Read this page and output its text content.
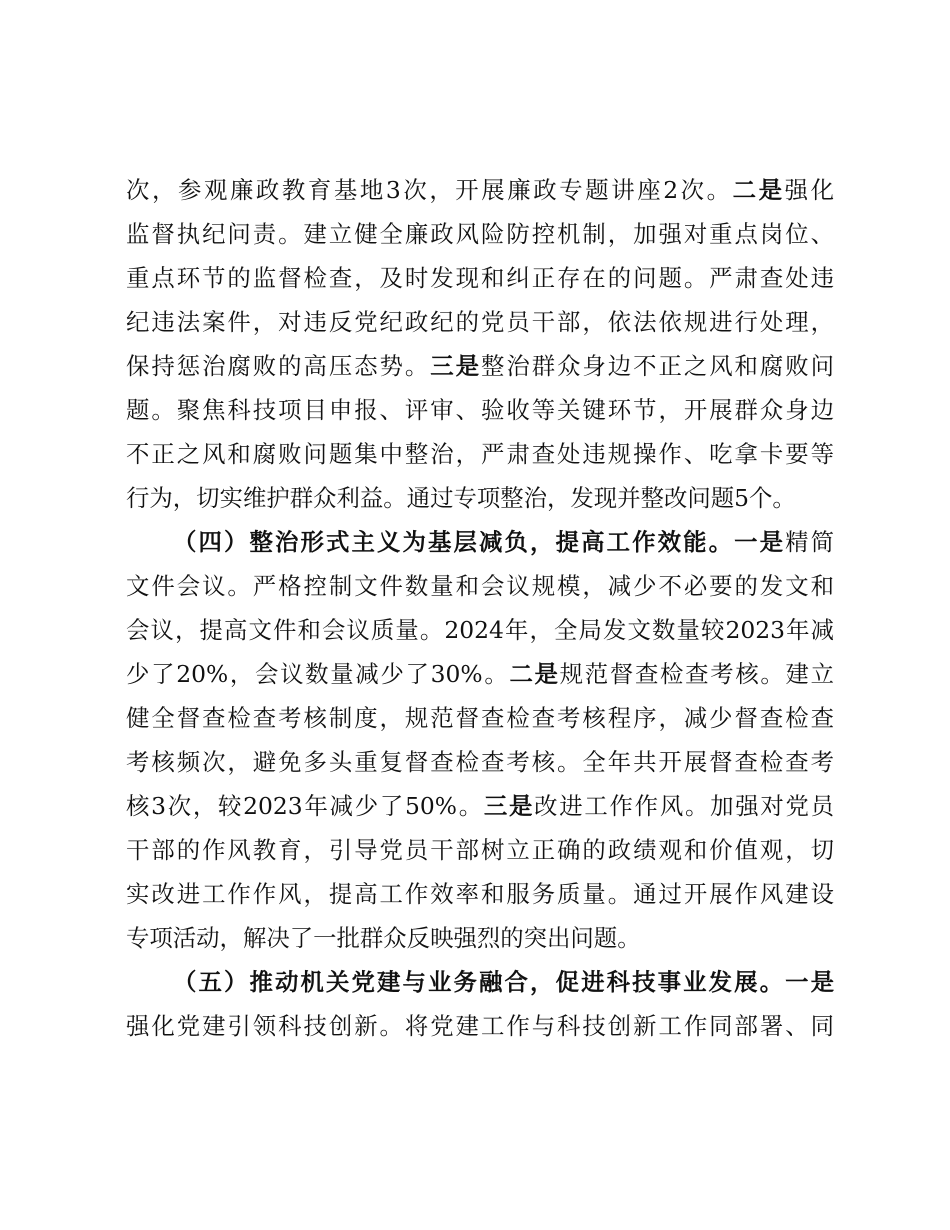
次，参观廉政教育基地3次，开展廉政专题讲座2次。二是强化
监督执纪问责。建立健全廉政风险防控机制，加强对重点岗位、
重点环节的监督检查，及时发现和纠正存在的问题。严肃查处违
纪违法案件，对违反党纪政纪的党员干部，依法依规进行处理，
保持惩治腐败的高压态势。三是整治群众身边不正之风和腐败问
题。聚焦科技项目申报、评审、验收等关键环节，开展群众身边
不正之风和腐败问题集中整治，严肃查处违规操作、吃拿卡要等
行为，切实维护群众利益。通过专项整治，发现并整改问题5个。
（四）整治形式主义为基层减负，提高工作效能。一是精简
文件会议。严格控制文件数量和会议规模，减少不必要的发文和
会议，提高文件和会议质量。2024年，全局发文数量较2023年减
少了20%，会议数量减少了30%。二是规范督查检查考核。建立
健全督查检查考核制度，规范督查检查考核程序，减少督查检查
考核频次，避免多头重复督查检查考核。全年共开展督查检查考
核3次，较2023年减少了50%。三是改进工作作风。加强对党员
干部的作风教育，引导党员干部树立正确的政绩观和价值观，切
实改进工作作风，提高工作效率和服务质量。通过开展作风建设
专项活动，解决了一批群众反映强烈的突出问题。
（五）推动机关党建与业务融合，促进科技事业发展。一是
强化党建引领科技创新。将党建工作与科技创新工作同部署、同
